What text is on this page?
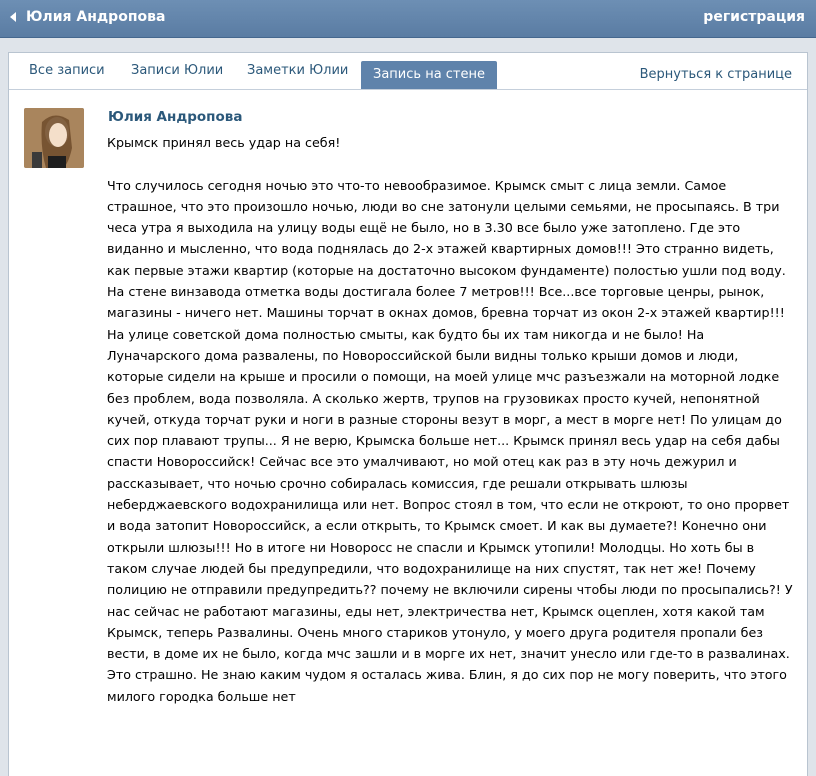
Юлия Андропова	регистрация
Все записи Записи Юлии Заметки Юлии	Запись на стене	Вернуться к странице
Юлия Андропова
Крымск принял весь удар на себя!

Что случилось сегодня ночью это что-то невообразимое. Крымск смыт с лица земли. Самое страшное, что это произошло ночью, люди во сне затонули целыми семьями, не просыпаясь. В три чеса утра я выходила на улицу воды ещё не было, но в 3.30 все было уже затоплено. Где это виданно и мысленно, что вода поднялась до 2-х этажей квартирных домов!!! Это странно видеть, как первые этажи квартир (которые на достаточно высоком фундаменте) полостью ушли под воду. На стене винзавода отметка воды достигала более 7 метров!!! Все...все торговые ценры, рынок, магазины - ничего нет. Машины торчат в окнах домов, бревна торчат из окон 2-х этажей квартир!!! На улице советской дома полностью смыты, как будто бы их там никогда и не было! На Луначарского дома развалены, по Новороссийской были видны только крыши домов и люди, которые сидели на крыше и просили о помощи, на моей улице мчс разъезжали на моторной лодке без проблем, вода позволяла. А сколько жертв, трупов на грузовиках просто кучей, непонятной кучей, откуда торчат руки и ноги в разные стороны везут в морг, а мест в морге нет! По улицам до сих пор плавают трупы... Я не верю, Крымска больше нет... Крымск принял весь удар на себя дабы спасти Новороссийск! Сейчас все это умалчивают, но мой отец как раз в эту ночь дежурил и рассказывает, что ночью срочно собиралась комиссия, где решали открывать шлюзы неберджаевского водохранилища или нет. Вопрос стоял в том, что если не откроют, то оно прорвет и вода затопит Новороссийск, а если открыть, то Крымск смоет. И как вы думаете?! Конечно они открыли шлюзы!!! Но в итоге ни Новоросс не спасли и Крымск утопили! Молодцы. Но хоть бы в таком случае людей бы предупредили, что водохранилище на них спустят, так нет же! Почему полицию не отправили предупредить?? почему не включили сирены чтобы люди по просыпались?! У нас сейчас не работают магазины, еды нет, электричества нет, Крымск оцеплен, хотя какой там Крымск, теперь Развалины. Очень много стариков утонуло, у моего друга родителя пропали без вести, в доме их не было, когда мчс зашли и в морге их нет, значит унесло или где-то в развалинах. Это страшно. Не знаю каким чудом я осталась жива. Блин, я до сих пор не могу поверить, что этого милого городка больше нет
